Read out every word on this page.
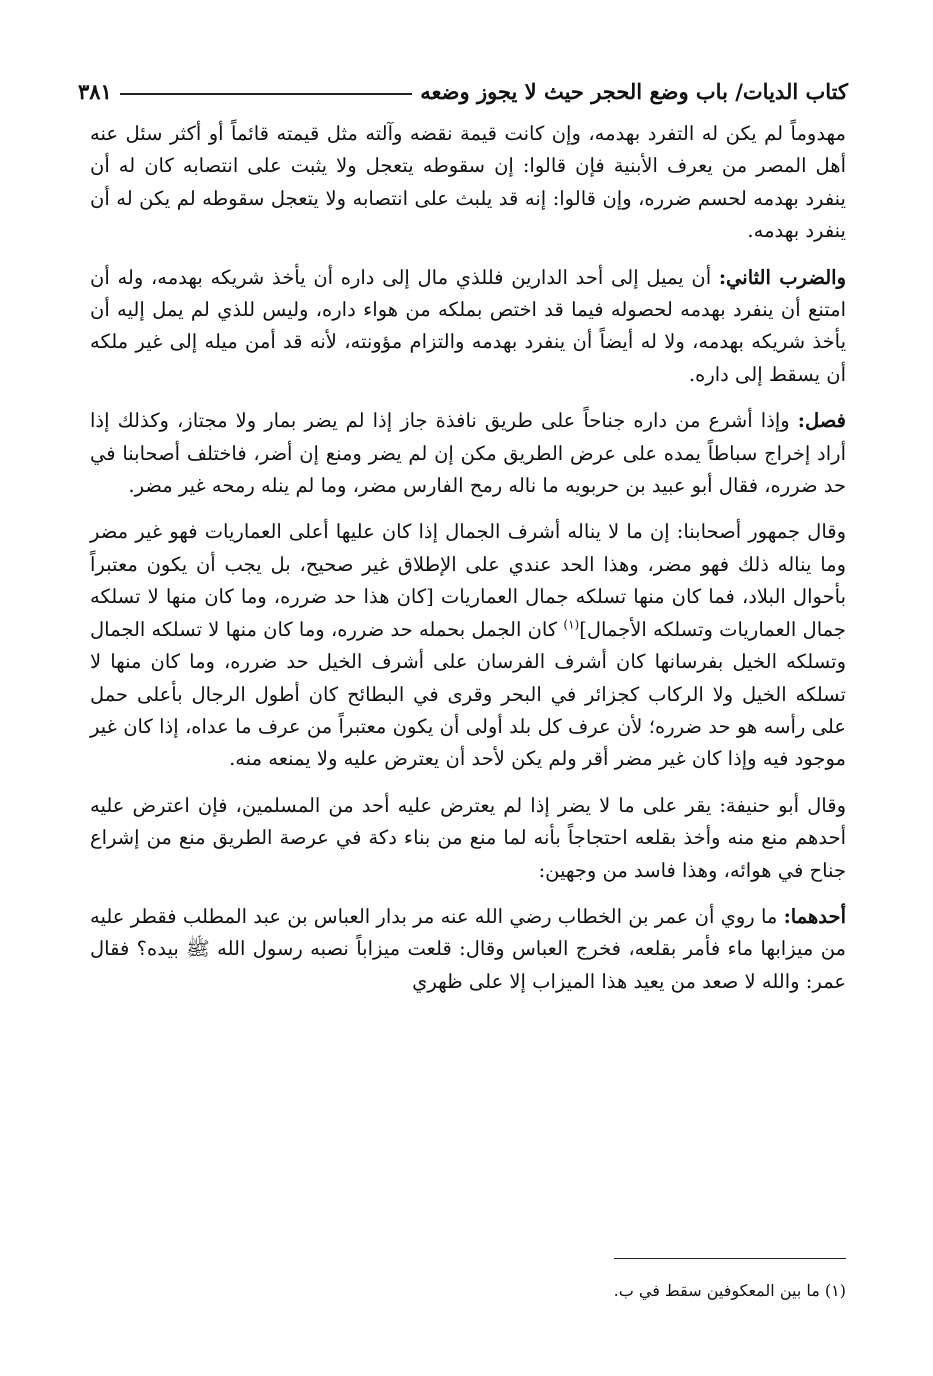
كتاب الديات/ باب وضع الحجر حيث لا يجوز وضعه
٣٨١

مهدوماً لم يكن له التفرد بهدمه، وإن كانت قيمة نقضه وآلته مثل قيمته قائماً أو أكثر سئل عنه أهل المصر من يعرف الأبنية فإن قالوا: إن سقوطه يتعجل ولا يثبت على انتصابه كان له أن ينفرد بهدمه لحسم ضرره، وإن قالوا: إنه قد يلبث على انتصابه ولا يتعجل سقوطه لم يكن له أن ينفرد بهدمه.

والضرب الثاني: أن يميل إلى أحد الدارين فللذي مال إلى داره أن يأخذ شريكه بهدمه، وله أن امتنع أن ينفرد بهدمه لحصوله فيما قد اختص بملكه من هواء داره، وليس للذي لم يمل إليه أن يأخذ شريكه بهدمه، ولا له أيضاً أن ينفرد بهدمه والتزام مؤونته، لأنه قد أمن ميله إلى غير ملكه أن يسقط إلى داره.

فصل: وإذا أشرع من داره جناحاً على طريق نافذة جاز إذا لم يضر بمار ولا مجتاز، وكذلك إذا أراد إخراج سباطاً يمده على عرض الطريق مكن إن لم يضر ومنع إن أضر، فاختلف أصحابنا في حد ضرره، فقال أبو عبيد بن حربويه ما ناله رمح الفارس مضر، وما لم ينله رمحه غير مضر.

وقال جمهور أصحابنا: إن ما لا يناله أشرف الجمال إذا كان عليها أعلى العماريات فهو غير مضر وما يناله ذلك فهو مضر، وهذا الحد عندي على الإطلاق غير صحيح، بل يجب أن يكون معتبراً بأحوال البلاد، فما كان منها تسلكه جمال العماريات [كان هذا حد ضرره، وما كان منها لا تسلكه جمال العماريات وتسلكه الأجمال]$^{(١)}$ كان الجمل بحمله حد ضرره، وما كان منها لا تسلكه الجمال وتسلكه الخيل بفرسانها كان أشرف الفرسان على أشرف الخيل حد ضرره، وما كان منها لا تسلكه الخيل ولا الركاب كجزائر في البحر وقرى في البطائح كان أطول الرجال بأعلى حمل على رأسه هو حد ضرره؛ لأن عرف كل بلد أولى أن يكون معتبراً من عرف ما عداه، إذا كان غير موجود فيه وإذا كان غير مضر أقر ولم يكن لأحد أن يعترض عليه ولا يمنعه منه.

وقال أبو حنيفة: يقر على ما لا يضر إذا لم يعترض عليه أحد من المسلمين، فإن اعترض عليه أحدهم منع منه وأخذ بقلعه احتجاجاً بأنه لما منع من بناء دكة في عرصة الطريق منع من إشراع جناح في هوائه، وهذا فاسد من وجهين:

أحدهما: ما روي أن عمر بن الخطاب رضي الله عنه مر بدار العباس بن عبد المطلب فقطر عليه من ميزابها ماء فأمر بقلعه، فخرج العباس وقال: قلعت ميزاباً نصبه رسول الله ﷺ بيده؟ فقال عمر: والله لا صعد من يعيد هذا الميزاب إلا على ظهري

(١) ما بين المعكوفين سقط في ب.
